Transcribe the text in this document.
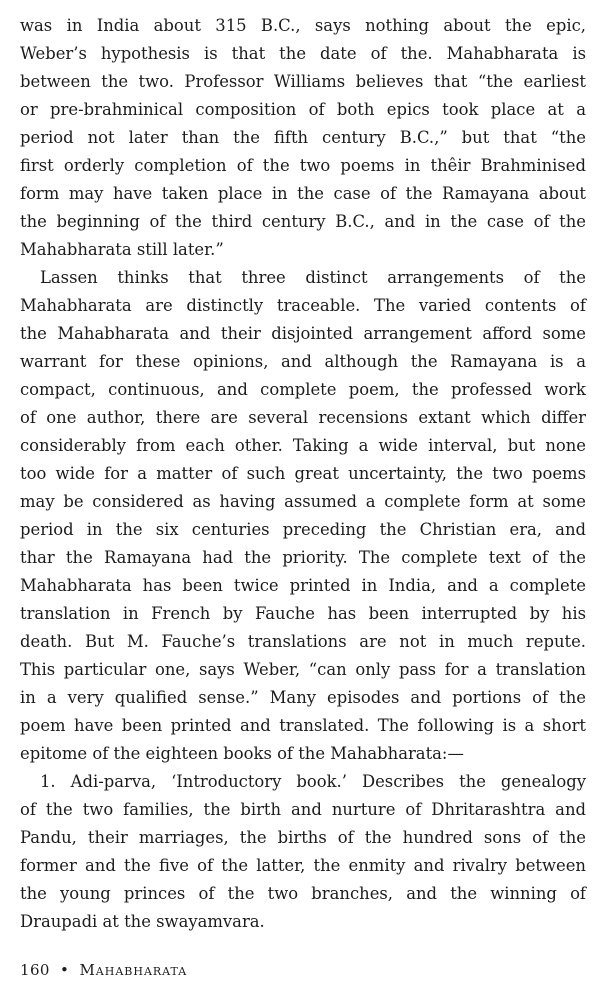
was in India about 315 B.C., says nothing about the epic,
Weber’s hypothesis is that the date of the. Mahabharata is
between the two. Professor Williams believes that “the earliest
or pre-brahminical composition of both epics took place at a
period not later than the fifth century B.C.,” but that “the
first orderly completion of the two poems in thêir Brahminised
form may have taken place in the case of the Ramayana about
the beginning of the third century B.C., and in the case of the
Mahabharata still later.”
Lassen thinks that three distinct arrangements of the
Mahabharata are distinctly traceable. The varied contents of
the Mahabharata and their disjointed arrangement afford some
warrant for these opinions, and although the Ramayana is a
compact, continuous, and complete poem, the professed work
of one author, there are several recensions extant which differ
considerably from each other. Taking a wide interval, but none
too wide for a matter of such great uncertainty, the two poems
may be considered as having assumed a complete form at some
period in the six centuries preceding the Christian era, and
thar the Ramayana had the priority. The complete text of the
Mahabharata has been twice printed in India, and a complete
translation in French by Fauche has been interrupted by his
death. But M. Fauche’s translations are not in much repute.
This particular one, says Weber, “can only pass for a translation
in a very qualified sense.” Many episodes and portions of the
poem have been printed and translated. The following is a short
epitome of the eighteen books of the Mahabharata:—
1. Adi-parva, ‘Introductory book.’ Describes the genealogy
of the two families, the birth and nurture of Dhritarashtra and
Pandu, their marriages, the births of the hundred sons of the
former and the five of the latter, the enmity and rivalry between
the young princes of the two branches, and the winning of
Draupadi at the swayamvara.
160 • Mahabharata
